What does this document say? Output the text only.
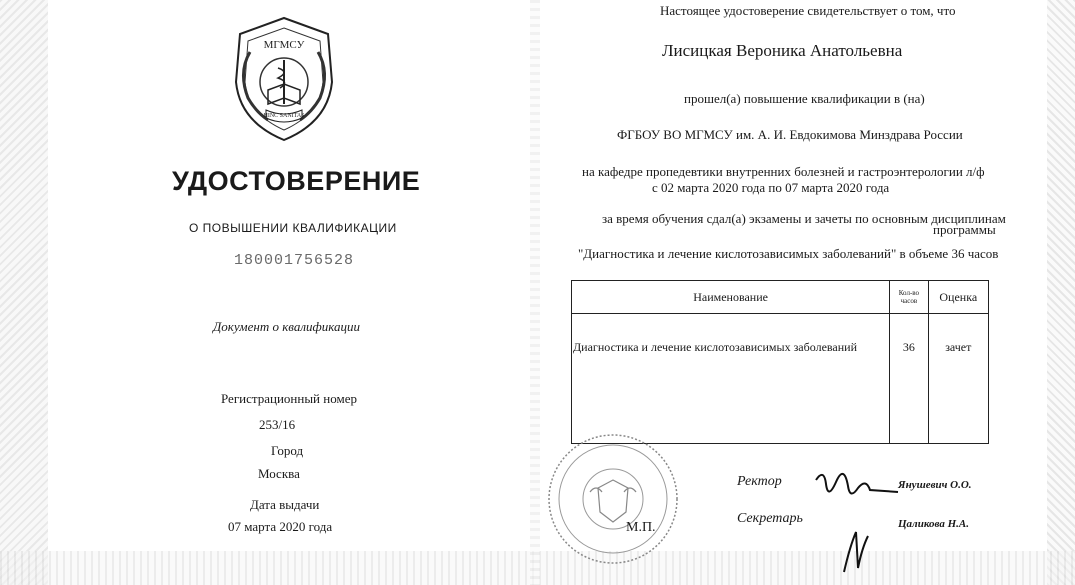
МГМСУ
HINC SANITAS
УДОСТОВЕРЕНИЕ
О ПОВЫШЕНИИ КВАЛИФИКАЦИИ
180001756528
Документ о квалификации
Регистрационный номер
253/16
Город
Москва
Дата выдачи
07 марта 2020 года
Настоящее удостоверение свидетельствует о том, что
Лисицкая Вероника Анатольевна
прошел(а) повышение квалификации в (на)
ФГБОУ ВО МГМСУ им. А. И. Евдокимова Минздрава России
на кафедре пропедевтики внутренних болезней и гастроэнтерологии л/ф
с 02 марта 2020 года по 07 марта 2020 года
за время обучения сдал(а) экзамены и зачеты по основным дисциплинам
программы
"Диагностика и лечение кислотозависимых заболеваний" в объеме 36 часов
Наименование	Кол-во часов	Оценка
Диагностика и лечение кислотозависимых заболеваний	36	зачет
М.П.
Ректор	Янушевич О.О.
Секретарь	Цаликова Н.А.
